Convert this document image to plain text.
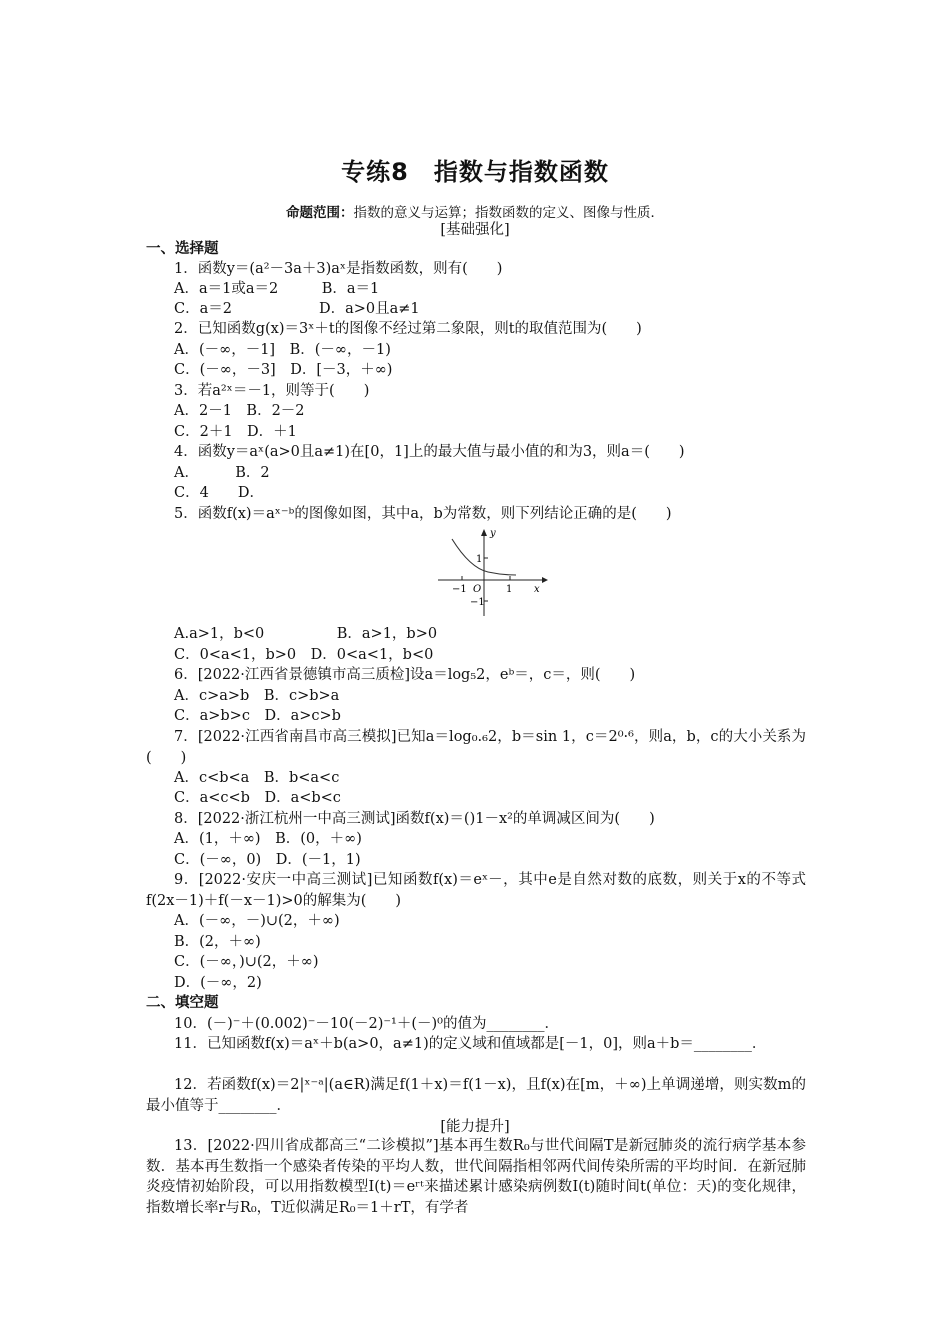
专练8　指数与指数函数
命题范围：指数的意义与运算；指数函数的定义、图像与性质．
[基础强化]
一、选择题
1．函数y＝(a²－3a＋3)aˣ是指数函数，则有(　　)
A．a＝1或a＝2　　　B．a＝1
C．a＝2　　　　　　D．a>0且a≠1
2．已知函数g(x)＝3ˣ＋t的图像不经过第二象限，则t的取值范围为(　　)
A．(－∞，－1]　B．(－∞，－1)
C．(－∞，－3]　D．[－3，＋∞)
3．若a²ˣ＝－1，则等于(　　)
A．2－1　B．2－2
C．2＋1　D．＋1
4．函数y＝aˣ(a>0且a≠1)在[0，1]上的最大值与最小值的和为3，则a＝(　　)
A．　　　B．2
C．4　　D．
5．函数f(x)＝aˣ⁻ᵇ的图像如图，其中a，b为常数，则下列结论正确的是(　　)
y
x
O
1
1
−1
−1
A.a>1，b<0　　　　　B．a>1，b>0
C．0<a<1，b>0　D．0<a<1，b<0
6．[2022·江西省景德镇市高三质检]设a＝log₅2，eᵇ＝，c＝，则(　　)
A．c>a>b　B．c>b>a
C．a>b>c　D．a>c>b
7．[2022·江西省南昌市高三模拟]已知a＝log₀.₆2，b＝sin 1，c＝2⁰·⁶，则a，b，c的大小关系为(　　)
A．c<b<a　B．b<a<c
C．a<c<b　D．a<b<c
8．[2022·浙江杭州一中高三测试]函数f(x)＝()1－x²的单调减区间为(　　)
A．(1，＋∞)　B．(0，＋∞)
C．(－∞，0)　D．(－1，1)
9．[2022·安庆一中高三测试]已知函数f(x)＝eˣ－，其中e是自然对数的底数，则关于x的不等式f(2x－1)＋f(－x－1)>0的解集为(　　)
A．(－∞，－)∪(2，＋∞)
B．(2，＋∞)
C．(－∞，)∪(2，＋∞)
D．(－∞，2)
二、填空题
10．(－)⁻＋(0.002)⁻－10(－2)⁻¹＋(－)⁰的值为________．
11．已知函数f(x)＝aˣ＋b(a>0，a≠1)的定义域和值域都是[－1，0]，则a＋b＝________．
12．若函数f(x)＝2|ˣ⁻ᵃ|(a∈R)满足f(1＋x)＝f(1－x)，且f(x)在[m，＋∞)上单调递增，则实数m的最小值等于________．
[能力提升]
13．[2022·四川省成都高三“二诊模拟”]基本再生数R₀与世代间隔T是新冠肺炎的流行病学基本参数．基本再生数指一个感染者传染的平均人数，世代间隔指相邻两代间传染所需的平均时间．在新冠肺炎疫情初始阶段，可以用指数模型I(t)＝eʳᵗ来描述累计感染病例数I(t)随时间t(单位：天)的变化规律，指数增长率r与R₀，T近似满足R₀＝1＋rT，有学者
